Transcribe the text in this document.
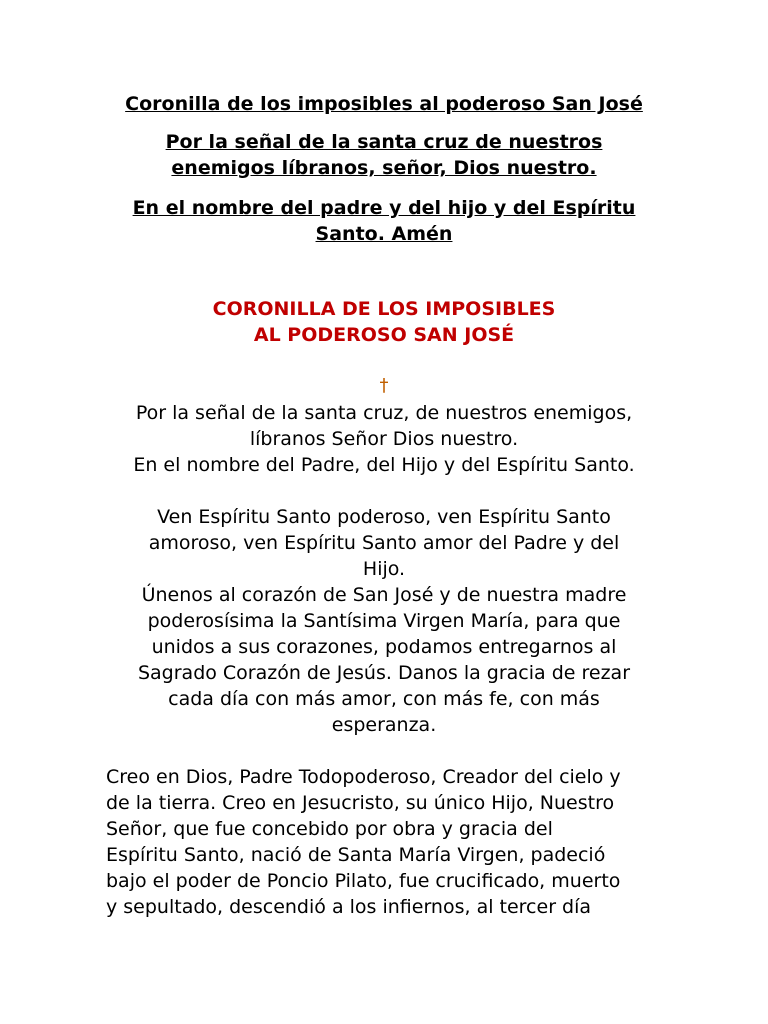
Coronilla de los imposibles al poderoso San José
Por la señal de la santa cruz de nuestros
enemigos líbranos, señor, Dios nuestro.
En el nombre del padre y del hijo y del Espíritu
Santo. Amén
CORONILLA DE LOS IMPOSIBLES
AL PODEROSO SAN JOSÉ
†
Por la señal de la santa cruz, de nuestros enemigos,
líbranos Señor Dios nuestro.
En el nombre del Padre, del Hijo y del Espíritu Santo.
Ven Espíritu Santo poderoso, ven Espíritu Santo
amoroso, ven Espíritu Santo amor del Padre y del
Hijo.
Únenos al corazón de San José y de nuestra madre
poderosísima la Santísima Virgen María, para que
unidos a sus corazones, podamos entregarnos al
Sagrado Corazón de Jesús. Danos la gracia de rezar
cada día con más amor, con más fe, con más
esperanza.
Creo en Dios, Padre Todopoderoso, Creador del cielo y
de la tierra. Creo en Jesucristo, su único Hijo, Nuestro
Señor, que fue concebido por obra y gracia del
Espíritu Santo, nació de Santa María Virgen, padeció
bajo el poder de Poncio Pilato, fue crucificado, muerto
y sepultado, descendió a los infiernos, al tercer día
